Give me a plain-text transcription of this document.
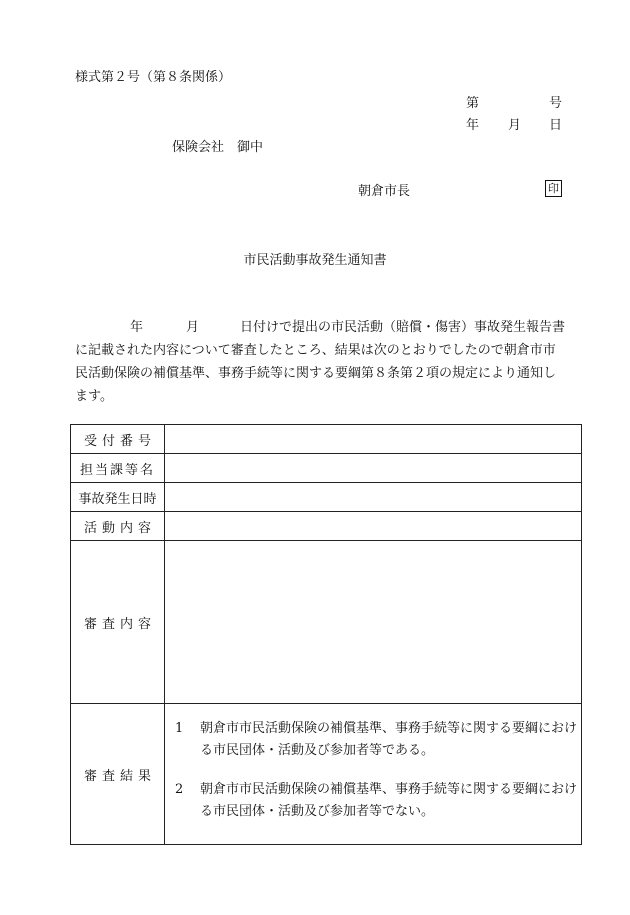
様式第２号（第８条関係）
第	号
年 月 日
保険会社　御中
朝倉市長	印
市民活動事故発生通知書
年	月	日付けで提出の市民活動（賠償・傷害）事故発生報告書
に記載された内容について審査したところ、結果は次のとおりでしたので朝倉市市
民活動保険の補償基準、事務手続等に関する要綱第８条第２項の規定により通知し
ます。
受付番号	
担当課等名	
事故発生日時	
活動内容	
審査内容	
審査結果	1 朝倉市市民活動保険の補償基準、事務手続等に関する要綱における市民団体・活動及び参加者等である。
2 朝倉市市民活動保険の補償基準、事務手続等に関する要綱における市民団体・活動及び参加者等でない。
